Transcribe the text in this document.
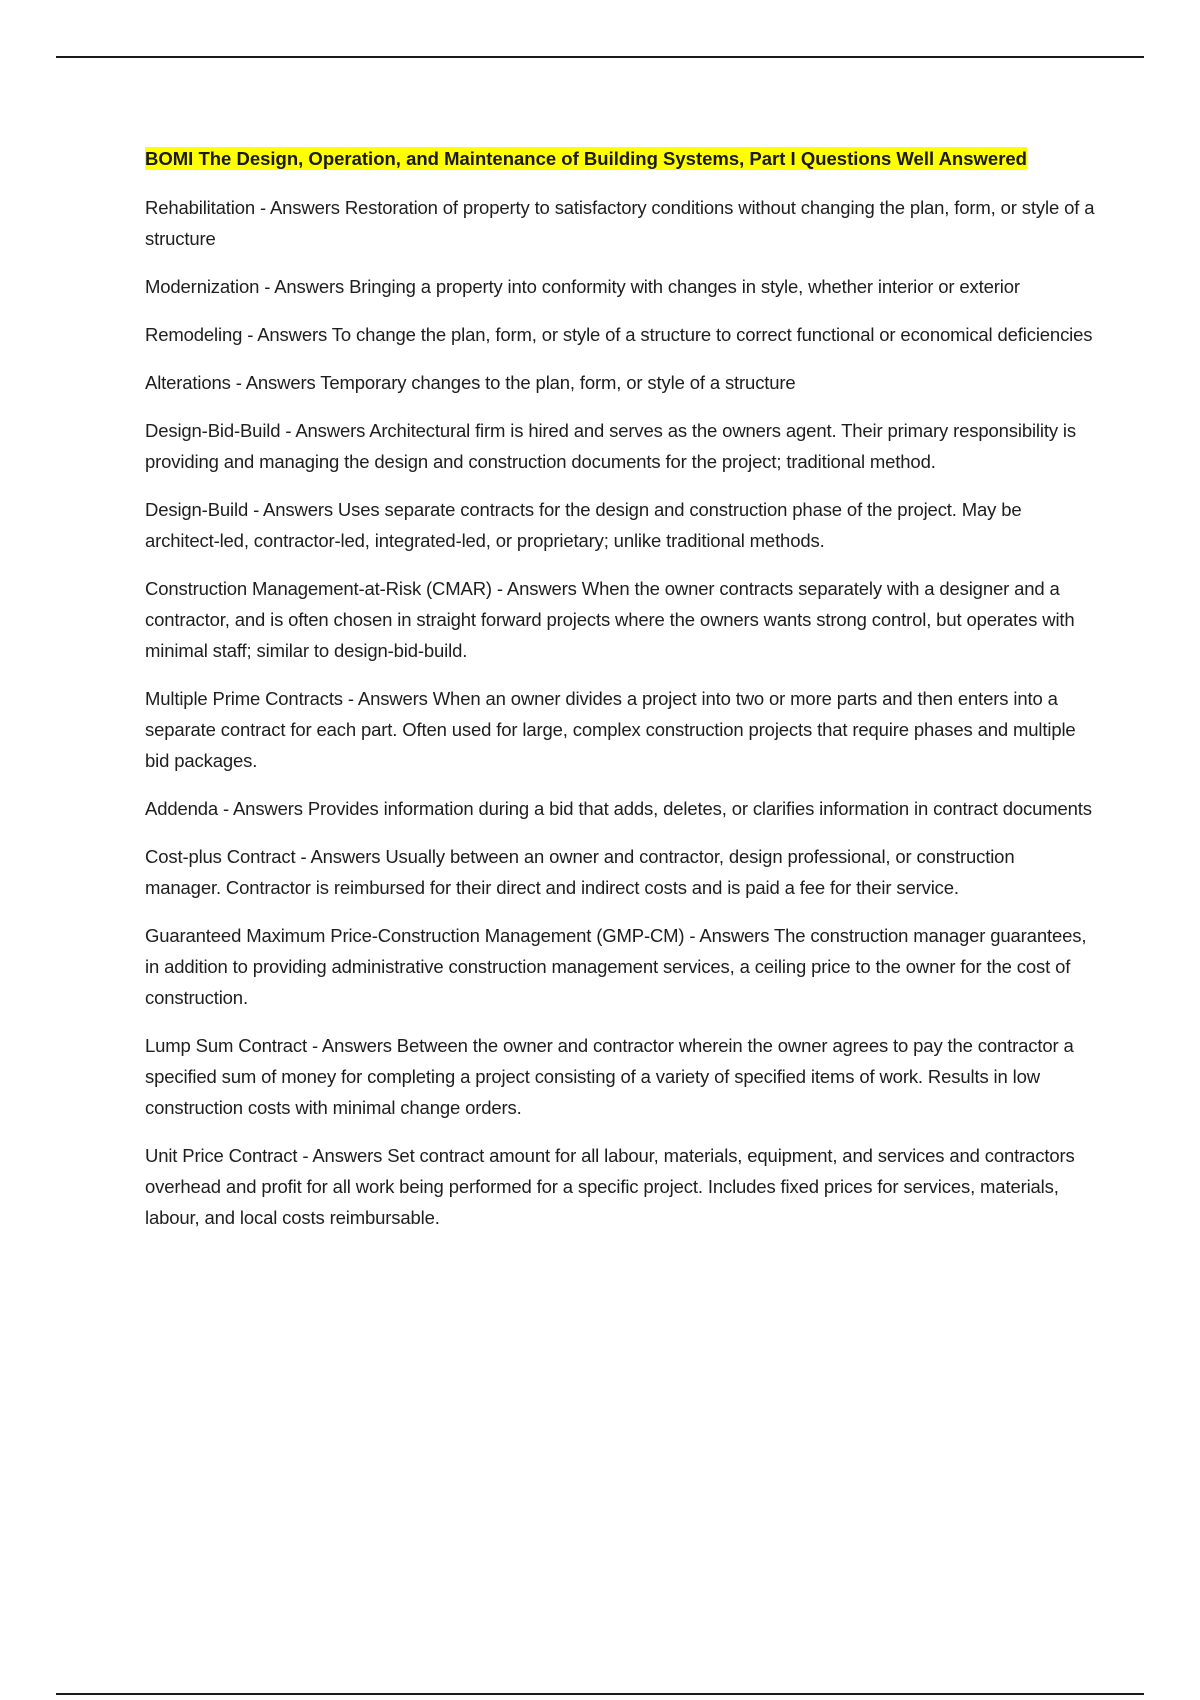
BOMI The Design, Operation, and Maintenance of Building Systems, Part I Questions Well Answered

Rehabilitation - Answers Restoration of property to satisfactory conditions without changing the plan, form, or style of a structure

Modernization - Answers Bringing a property into conformity with changes in style, whether interior or exterior

Remodeling - Answers To change the plan, form, or style of a structure to correct functional or economical deficiencies

Alterations - Answers Temporary changes to the plan, form, or style of a structure

Design-Bid-Build - Answers Architectural firm is hired and serves as the owners agent. Their primary responsibility is providing and managing the design and construction documents for the project; traditional method.

Design-Build - Answers Uses separate contracts for the design and construction phase of the project. May be architect-led, contractor-led, integrated-led, or proprietary; unlike traditional methods.

Construction Management-at-Risk (CMAR) - Answers When the owner contracts separately with a designer and a contractor, and is often chosen in straight forward projects where the owners wants strong control, but operates with minimal staff; similar to design-bid-build.

Multiple Prime Contracts - Answers When an owner divides a project into two or more parts and then enters into a separate contract for each part. Often used for large, complex construction projects that require phases and multiple bid packages.

Addenda - Answers Provides information during a bid that adds, deletes, or clarifies information in contract documents

Cost-plus Contract - Answers Usually between an owner and contractor, design professional, or construction manager. Contractor is reimbursed for their direct and indirect costs and is paid a fee for their service.

Guaranteed Maximum Price-Construction Management (GMP-CM) - Answers The construction manager guarantees, in addition to providing administrative construction management services, a ceiling price to the owner for the cost of construction.

Lump Sum Contract - Answers Between the owner and contractor wherein the owner agrees to pay the contractor a specified sum of money for completing a project consisting of a variety of specified items of work. Results in low construction costs with minimal change orders.

Unit Price Contract - Answers Set contract amount for all labour, materials, equipment, and services and contractors overhead and profit for all work being performed for a specific project. Includes fixed prices for services, materials, labour, and local costs reimbursable.
